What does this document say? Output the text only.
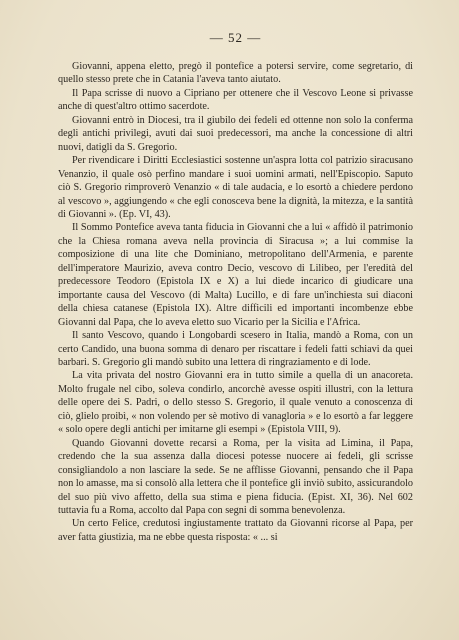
— 52 —

Giovanni, appena eletto, pregò il pontefice a potersi servire, come segretario, di quello stesso prete che in Catania l'aveva tanto aiutato.

Il Papa scrisse di nuovo a Cipriano per ottenere che il Vescovo Leone si privasse anche di quest'altro ottimo sacerdote.

Giovanni entrò in Diocesi, tra il giubilo dei fedeli ed ottenne non solo la conferma degli antichi privilegi, avuti dai suoi predecessori, ma anche la concessione di altri nuovi, datigli da S. Gregorio.

Per rivendicare i Diritti Ecclesiastici sostenne un'aspra lotta col patrizio siracusano Venanzio, il quale osò perfino mandare i suoi uomini armati, nell'Episcopio. Saputo ciò S. Gregorio rimproverò Venanzio « di tale audacia, e lo esortò a chiedere perdono al vescovo », aggiungendo « che egli conosceva bene la dignità, la mitezza, e la santità di Giovanni ». (Ep. VI, 43).

Il Sommo Pontefice aveva tanta fiducia in Giovanni che a lui « affidò il patrimonio che la Chiesa romana aveva nella provincia di Siracusa »; a lui commise la composizione di una lite che Dominiano, metropolitano dell'Armenia, e parente dell'imperatore Maurizio, aveva contro Decio, vescovo di Lilibeo, per l'eredità del predecessore Teodoro (Epistola IX e X) a lui diede incarico di giudicare una importante causa del Vescovo (di Malta) Lucillo, e di fare un'inchiesta sui diaconi della chiesa catanese (Epistola IX). Altre difficili ed importanti incombenze ebbe Giovanni dal Papa, che lo aveva eletto suo Vicario per la Sicilia e l'Africa.

Il santo Vescovo, quando i Longobardi scesero in Italia, mandò a Roma, con un certo Candido, una buona somma di denaro per riscattare i fedeli fatti schiavi da quei barbari. S. Gregorio gli mandò subito una lettera di ringraziamento e di lode.

La vita privata del nostro Giovanni era in tutto simile a quella di un anacoreta. Molto frugale nel cibo, soleva condirlo, ancorchè avesse ospiti illustri, con la lettura delle opere dei S. Padri, o dello stesso S. Gregorio, il quale venuto a conoscenza di ciò, glielo proibì, « non volendo per sè motivo di vanagloria » e lo esortò a far leggere « solo opere degli antichi per imitarne gli esempi » (Epistola VIII, 9).

Quando Giovanni dovette recarsi a Roma, per la visita ad Limina, il Papa, credendo che la sua assenza dalla diocesi potesse nuocere ai fedeli, gli scrisse consigliandolo a non lasciare la sede. Se ne afflisse Giovanni, pensando che il Papa non lo amasse, ma si consolò alla lettera che il pontefice gli inviò subito, assicurandolo del suo più vivo affetto, della sua stima e piena fiducia. (Epist. XI, 36). Nel 602 tuttavia fu a Roma, accolto dal Papa con segni di somma benevolenza.

Un certo Felice, credutosi ingiustamente trattato da Giovanni ricorse al Papa, per aver fatta giustizia, ma ne ebbe questa risposta: « ... si
